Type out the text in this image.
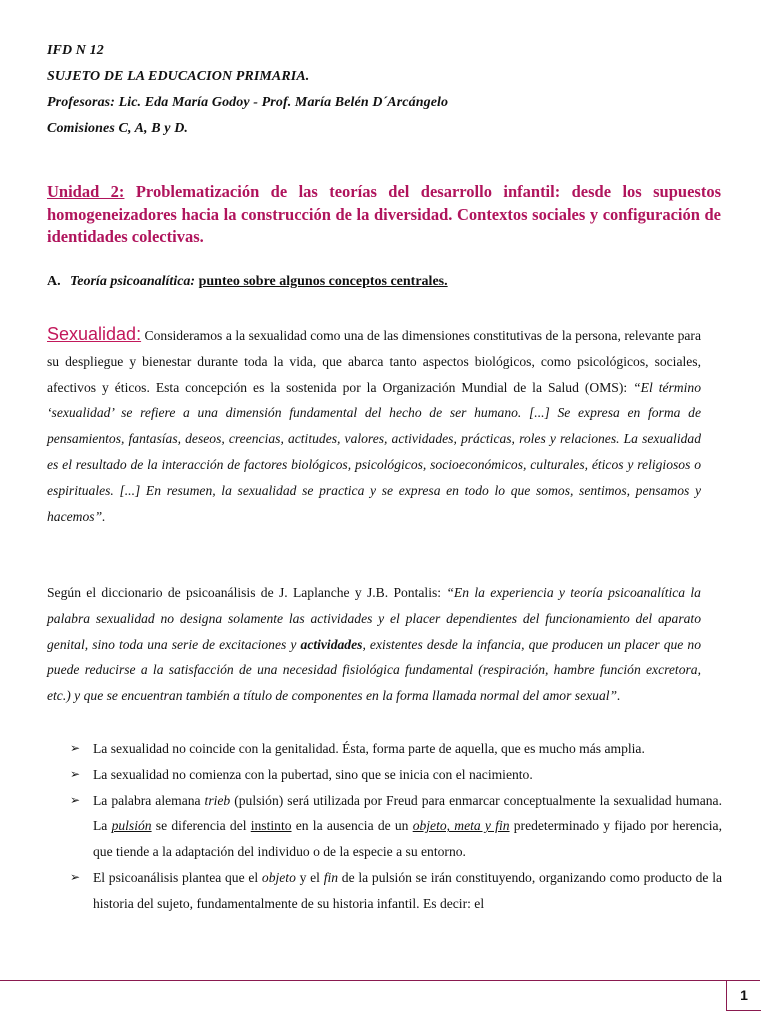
IFD N 12
SUJETO DE LA EDUCACION PRIMARIA.
Profesoras: Lic. Eda María Godoy - Prof. María Belén D´Arcángelo
Comisiones C, A, B y D.
Unidad 2: Problematización de las teorías del desarrollo infantil: desde los supuestos homogeneizadores hacia la construcción de la diversidad. Contextos sociales y configuración de identidades colectivas.
A. Teoría psicoanalítica: punteo sobre algunos conceptos centrales.
Sexualidad: Consideramos a la sexualidad como una de las dimensiones constitutivas de la persona, relevante para su despliegue y bienestar durante toda la vida, que abarca tanto aspectos biológicos, como psicológicos, sociales, afectivos y éticos. Esta concepción es la sostenida por la Organización Mundial de la Salud (OMS): “El término ‘sexualidad’ se refiere a una dimensión fundamental del hecho de ser humano. [...] Se expresa en forma de pensamientos, fantasías, deseos, creencias, actitudes, valores, actividades, prácticas, roles y relaciones. La sexualidad es el resultado de la interacción de factores biológicos, psicológicos, socioeconómicos, culturales, éticos y religiosos o espirituales. [...] En resumen, la sexualidad se practica y se expresa en todo lo que somos, sentimos, pensamos y hacemos”.
Según el diccionario de psicoanálisis de J. Laplanche y J.B. Pontalis: “En la experiencia y teoría psicoanalítica la palabra sexualidad no designa solamente las actividades y el placer dependientes del funcionamiento del aparato genital, sino toda una serie de excitaciones y actividades, existentes desde la infancia, que producen un placer que no puede reducirse a la satisfacción de una necesidad fisiológica fundamental (respiración, hambre función excretora, etc.) y que se encuentran también a título de componentes en la forma llamada normal del amor sexual”.
➢ La sexualidad no coincide con la genitalidad. Ésta, forma parte de aquella, que es mucho más amplia.
➢ La sexualidad no comienza con la pubertad, sino que se inicia con el nacimiento.
➢ La palabra alemana trieb (pulsión) será utilizada por Freud para enmarcar conceptualmente la sexualidad humana. La pulsión se diferencia del instinto en la ausencia de un objeto, meta y fin predeterminado y fijado por herencia, que tiende a la adaptación del individuo o de la especie a su entorno.
➢ El psicoanálisis plantea que el objeto y el fin de la pulsión se irán constituyendo, organizando como producto de la historia del sujeto, fundamentalmente de su historia infantil. Es decir: el
1
